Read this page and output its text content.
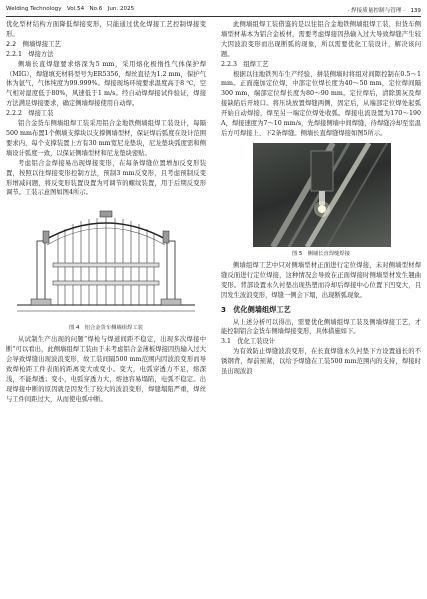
Welding Technology Vol.54 No.6 Jun. 2025	· 焊接质量控制与管理 · 139

优化型材结构方面降低焊接变形，只能通过优化焊接工艺控制焊接变形。

2.2　侧墙焊接工艺

2.2.1　焊接方法

侧墙长直焊缝要求熔深为5 mm，采用熔化极惰性气体保护焊（MIG），焊缝填充材料型号为ER5356，焊丝直径为1.2 mm，保护气体为氩气，气体纯度为99.999%。焊接现场环境要求温度高于8 ℃，空气相对湿度低于80%，风速低于1 m/s。经自动焊焊接试件验证，焊接方法满足焊接要求，确定侧墙焊接使用自动焊。

2.2.2　焊接工装

铝合金货车侧墙组焊工装采用铝合金地铁侧墙组焊工装设计，每隔500 mm布置1个侧墙支撑块以支撑侧墙型材，保证焊后弧度在设计范围要求内，每个支撑装置上方有30 mm宽尼龙垫块，尼龙垫块弧度需和侧墙设计弧度一致，以保证侧墙型材和尼龙垫块密贴。

考虑铝合金焊接易出现焊接变形，在每条焊缝位置增加反变形装置，按照以往焊接变形控制方法，预制3 mm反变形，且考虑预制反变形增减问题，将反变形装置设置为可调节的螺纹装置，用于后期反变形调节。工装示意图如图4所示。

图 4　铝合金货车侧墙组焊工装

从试制生产出现的问题“焊枪与焊道间距不稳定，出现多次焊接中断”可以看出，此侧墙组焊工装由于未考虑铝合金薄板焊接因热输入过大会导致焊缝出现波浪变形，故工装间隔500 mm范围内因波浪变形而导致焊枪距工件表面的距离变大或变小。变大，电弧穿透力不足，熔深浅，不能焊透；变小，电弧穿透力大，熔池容易塌陷，电弧不稳定。出现焊接中断的原因就是因发生了较大的波浪变形，焊缝塌陷严重，焊丝与工件间距过大，从而使电弧中断。

此侧墙组焊工装借鉴的是以往铝合金地铁侧墙组焊工装，但货车侧墙型材基本为铝合金板材，需要考虑焊接因热输入过大导致焊缝产生较大因波浪变形而出现断弧的现象，所以需要优化工装设计，解决该问题。

2.2.3　组焊工艺

根据以往地铁列车生产经验，拼装侧墙时将组对间隙控制在0.5～1 mm。正面施加定位焊，中部定位焊长度为40～50 mm，定位焊间隔300 mm，端部定位焊长度为80～90 mm。定位焊后，清除黑灰及焊接缺陷后开坡口。将压块放置焊缝两侧，固定后，从端部定位焊处起弧开始自动焊接，焊至另一端定位焊处收弧。焊接电流设置为170～190 A，焊接速度为7～10 mm/s，先焊接侧墙中间焊缝，待焊缝冷却至室温后方可焊接上、下2条焊缝。侧墙长直焊缝焊接如图5所示。

图 5　侧墙长直焊缝焊接

侧墙组焊工艺中只对侧墙型材正面进行定位焊接，未对侧墙型材焊缝反面进行定位焊接，这种情况会导致在正面焊接时侧墙型材发生翘曲变形。背部设置永久衬垫出现热塑而冷却后焊接中心位置下凹变大，且因发生波浪变形，焊缝一侧会下塌，出现断弧现象。

3　优化侧墙组焊工艺

从上述分析可以得出，需要优化侧墙组焊工装及侧墙焊接工艺，才能控制铝合金货车侧墙焊接变形，具体措施如下。

3.1　优化工装设计

为有效防止焊缝波浪变形，在长直焊缝永久衬垫下方设置通长的不锈钢背，焊前预紧，以给予焊缝在工装500 mm范围内的支持，焊接时虽出现波浪
